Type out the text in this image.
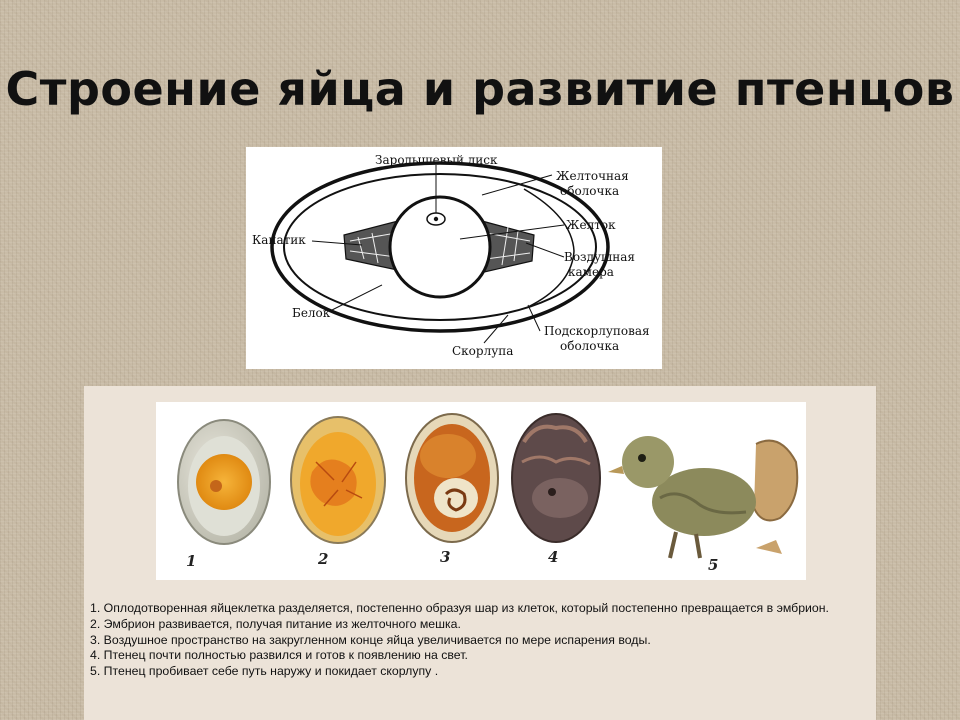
Строение яйца и развитие птенцов
Зародышевый диск
Желточная
оболочка
Желток
Канатик
Воздушная
камера
Белок
Подскорлуповая
оболочка
Скорлупа
1	2	3	4	5

1. Оплодотворенная яйцеклетка разделяется, постепенно образуя шар из клеток, который постепенно превращается в эмбрион.

2. Эмбрион развивается, получая питание из желточного мешка.

3. Воздушное пространство на закругленном конце яйца увеличивается по мере испарения воды.

4. Птенец почти полностью развился и готов к появлению на свет.

5. Птенец пробивает себе путь наружу и покидает скорлупу .
